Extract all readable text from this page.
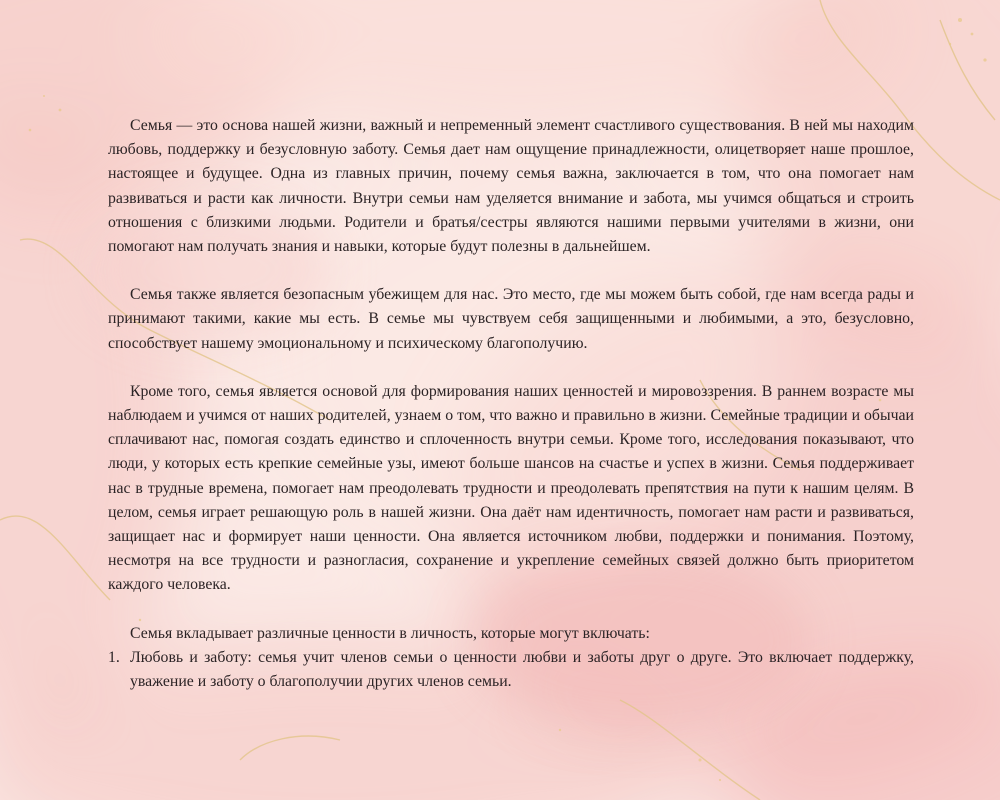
Семья — это основа нашей жизни, важный и непременный элемент счастливого существования. В ней мы находим любовь, поддержку и безусловную заботу. Семья дает нам ощущение принадлежности, олицетворяет наше прошлое, настоящее и будущее. Одна из главных причин, почему семья важна, заключается в том, что она помогает нам развиваться и расти как личности. Внутри семьи нам уделяется внимание и забота, мы учимся общаться и строить отношения с близкими людьми. Родители и братья/сестры являются нашими первыми учителями в жизни, они помогают нам получать знания и навыки, которые будут полезны в дальнейшем.

Семья также является безопасным убежищем для нас. Это место, где мы можем быть собой, где нам всегда рады и принимают такими, какие мы есть. В семье мы чувствуем себя защищенными и любимыми, а это, безусловно, способствует нашему эмоциональному и психическому благополучию.

Кроме того, семья является основой для формирования наших ценностей и мировоззрения. В раннем возрасте мы наблюдаем и учимся от наших родителей, узнаем о том, что важно и правильно в жизни. Семейные традиции и обычаи сплачивают нас, помогая создать единство и сплоченность внутри семьи. Кроме того, исследования показывают, что люди, у которых есть крепкие семейные узы, имеют больше шансов на счастье и успех в жизни. Семья поддерживает нас в трудные времена, помогает нам преодолевать трудности и преодолевать препятствия на пути к нашим целям. В целом, семья играет решающую роль в нашей жизни. Она даёт нам идентичность, помогает нам расти и развиваться, защищает нас и формирует наши ценности. Она является источником любви, поддержки и понимания. Поэтому, несмотря на все трудности и разногласия, сохранение и укрепление семейных связей должно быть приоритетом каждого человека.

Семья вкладывает различные ценности в личность, которые могут включать:

1. Любовь и заботу: семья учит членов семьи о ценности любви и заботы друг о друге. Это включает поддержку, уважение и заботу о благополучии других членов семьи.
